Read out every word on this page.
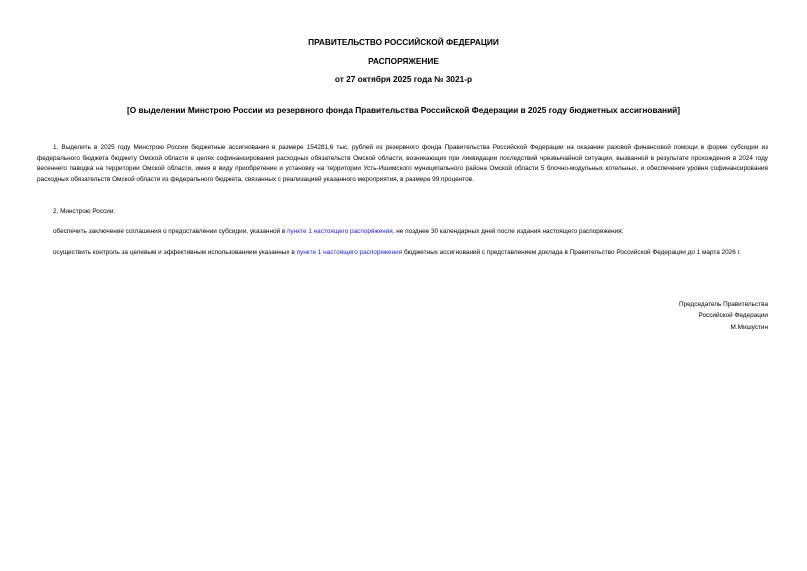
ПРАВИТЕЛЬСТВО РОССИЙСКОЙ ФЕДЕРАЦИИ
РАСПОРЯЖЕНИЕ
от 27 октября 2025 года № 3021-р
[О выделении Минстрою России из резервного фонда Правительства Российской Федерации в 2025 году бюджетных ассигнований]

1. Выделить в 2025 году Минстрою России бюджетные ассигнования в размере 154281,6 тыс. рублей из резервного фонда Правительства Российской Федерации на оказание разовой финансовой помощи в форме субсидии из федерального бюджета бюджету Омской области в целях софинансирования расходных обязательств Омской области, возникающих при ликвидации последствий чрезвычайной ситуации, вызванной в результате прохождения в 2024 году весеннего паводка на территории Омской области, имея в виду приобретение и установку на территории Усть-Ишимского муниципального района Омской области 5 блочно-модульных котельных, и обеспечения уровня софинансирования расходных обязательств Омской области из федерального бюджета, связанных с реализацией указанного мероприятия, в размере 99 процентов.

2. Минстрою России:

обеспечить заключение соглашения о предоставлении субсидии, указанной в пункте 1 настоящего распоряжения, не позднее 30 календарных дней после издания настоящего распоряжения;

осуществить контроль за целевым и эффективным использованием указанных в пункте 1 настоящего распоряжения бюджетных ассигнований с представлением доклада в Правительство Российской Федерации до 1 марта 2026 г.

Председатель Правительства
Российской Федерации
М.Мишустин
